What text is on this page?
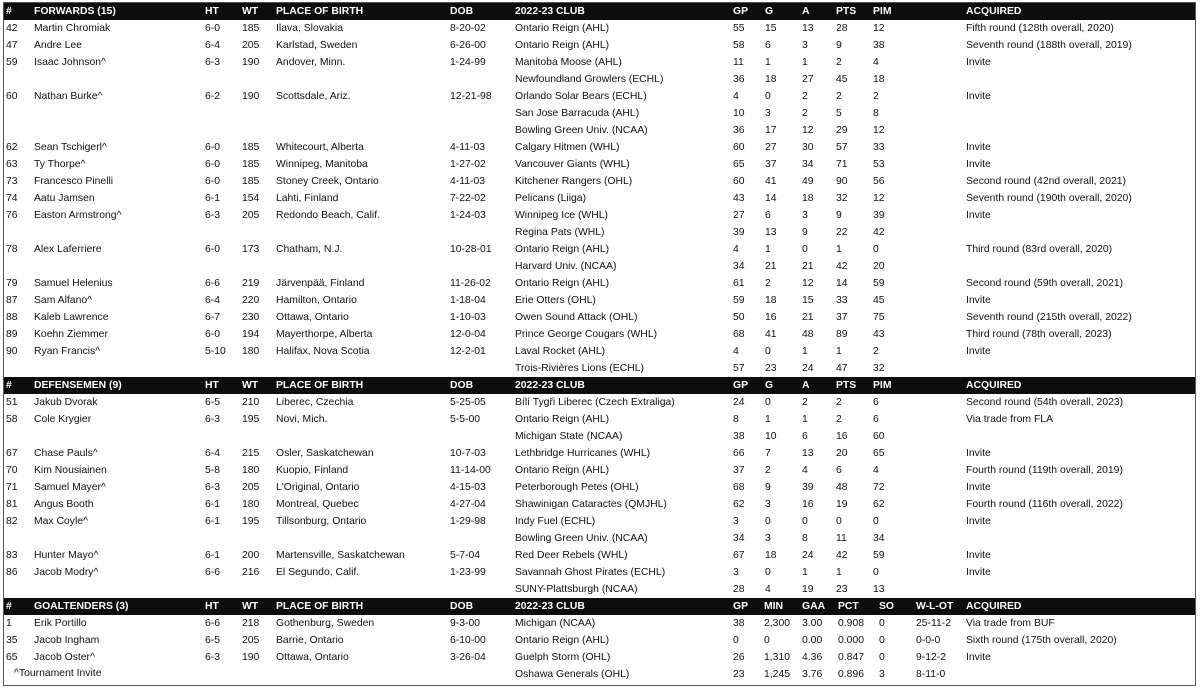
# FORWARDS (15)	HT WT PLACE OF BIRTH	DOB	2022-23 CLUB	GP G	A	PTS PIM	ACQUIRED
42 Martin Chromiak	6-0 185 Ilava, Slovakia	8-20-02	Ontario Reign (AHL)	55 15 13 28 12	Fifth round (128th overall, 2020)
47 Andre Lee	6-4 205 Karlstad, Sweden	6-26-00	Ontario Reign (AHL)	58 6	3	9	38	Seventh round (188th overall, 2019)
59 Isaac Johnson^	6-3 190 Andover, Minn.	1-24-99	Manitoba Moose (AHL)	11 1	1	2	4	Invite
Newfoundland Growlers (ECHL)	36 18 27 45 18
60 Nathan Burke^	6-2 190 Scottsdale, Ariz.	12-21-98 Orlando Solar Bears (ECHL)	4	0	2	2	2	Invite
San Jose Barracuda (AHL)	10 3	2	5	8
Bowling Green Univ. (NCAA)	36 17 12 29 12
62 Sean Tschigerl^	6-0 185 Whitecourt, Alberta	4-11-03	Calgary Hitmen (WHL)	60 27 30 57 33	Invite
63 Ty Thorpe^	6-0 185 Winnipeg, Manitoba	1-27-02	Vancouver Giants (WHL)	65 37 34 71 53	Invite
73 Francesco Pinelli	6-0 185 Stoney Creek, Ontario	4-11-03	Kitchener Rangers (OHL)	60 41 49 90 56	Second round (42nd overall, 2021)
74 Aatu Jamsen	6-1 154 Lahti, Finland	7-22-02	Pelicans (Liiga)	43 14 18 32 12	Seventh round (190th overall, 2020)
76 Easton Armstrong^	6-3 205 Redondo Beach, Calif.	1-24-03	Winnipeg Ice (WHL)	27 6	3	9	39	Invite
Regina Pats (WHL)	39 13 9	22 42
78 Alex Laferriere	6-0 173 Chatham, N.J.	10-28-01 Ontario Reign (AHL)	4	1	0	1	0	Third round (83rd overall, 2020)
Harvard Univ. (NCAA)	34 21 21 42 20
79 Samuel Helenius	6-6 219 Järvenpää, Finland	11-26-02 Ontario Reign (AHL)	61 2	12 14 59	Second round (59th overall, 2021)
87 Sam Alfano^	6-4 220 Hamilton, Ontario	1-18-04	Erie Otters (OHL)	59 18 15 33 45	Invite
88 Kaleb Lawrence	6-7 230 Ottawa, Ontario	1-10-03	Owen Sound Attack (OHL)	50 16 21 37 75	Seventh round (215th overall, 2022)
89 Koehn Ziemmer	6-0 194 Mayerthorpe, Alberta	12-0-04	Prince George Cougars (WHL)	68 41 48 89 43	Third round (78th overall, 2023)
90 Ryan Francis^	5-10 180 Halifax, Nova Scotia	12-2-01	Laval Rocket (AHL)	4	0	1	1	2	Invite
Trois-Rivières Lions (ECHL)	57 23 24 47 32
# DEFENSEMEN (9)	HT WT PLACE OF BIRTH	DOB	2022-23 CLUB	GP G	A	PTS PIM	ACQUIRED
51 Jakub Dvorak	6-5 210 Liberec, Czechia	5-25-05	Bílí Tygři Liberec (Czech Extraliga)	24 0	2	2	6	Second round (54th overall, 2023)
58 Cole Krygier	6-3 195 Novi, Mich.	5-5-00	Ontario Reign (AHL)	8	1	1	2	6	Via trade from FLA
Michigan State (NCAA)	38 10 6	16 60
67 Chase Pauls^	6-4 215 Osler, Saskatchewan	10-7-03	Lethbridge Hurricanes (WHL)	66 7	13 20 65	Invite
70 Kim Nousiainen	5-8 180 Kuopio, Finland	11-14-00 Ontario Reign (AHL)	37 2	4	6	4	Fourth round (119th overall, 2019)
71 Samuel Mayer^	6-3 205 L'Original, Ontario	4-15-03	Peterborough Petes (OHL)	68 9	39 48 72	Invite
81 Angus Booth	6-1 180 Montreal, Quebec	4-27-04	Shawinigan Cataractes (QMJHL)	62 3	16 19 62	Fourth round (116th overall, 2022)
82 Max Coyle^	6-1 195 Tillsonburg, Ontario	1-29-98	Indy Fuel (ECHL)	3	0	0	0	0	Invite
Bowling Green Univ. (NCAA)	34 3	8	11	34
83 Hunter Mayo^	6-1 200 Martensville, Saskatchewan	5-7-04	Red Deer Rebels (WHL)	67 18 24 42 59	Invite
86 Jacob Modry^	6-6 216 El Segundo, Calif.	1-23-99	Savannah Ghost Pirates (ECHL)	3	0	1	1	0	Invite
SUNY-Plattsburgh (NCAA)	28 4	19 23 13
# GOALTENDERS (3)	HT WT PLACE OF BIRTH	DOB	2022-23 CLUB	GP MIN GAA PCT SO W-L-OT ACQUIRED
1 Erik Portillo	6-6 218 Gothenburg, Sweden	9-3-00	Michigan (NCAA)	38 2,300 3.00 0.908 0	25-11-2 Via trade from BUF
35 Jacob Ingham	6-5 205 Barrie, Ontario	6-10-00	Ontario Reign (AHL)	0 0	0.00 0.000 0	0-0-0 Sixth round (175th overall, 2020)
65 Jacob Oster^	6-3 190 Ottawa, Ontario	3-26-04	Guelph Storm (OHL)	26 1,310 4.36 0.847 0	9-12-2 Invite
Oshawa Generals (OHL)	23 1,245 3.76 0.896 3	8-11-0
^Tournament Invite
